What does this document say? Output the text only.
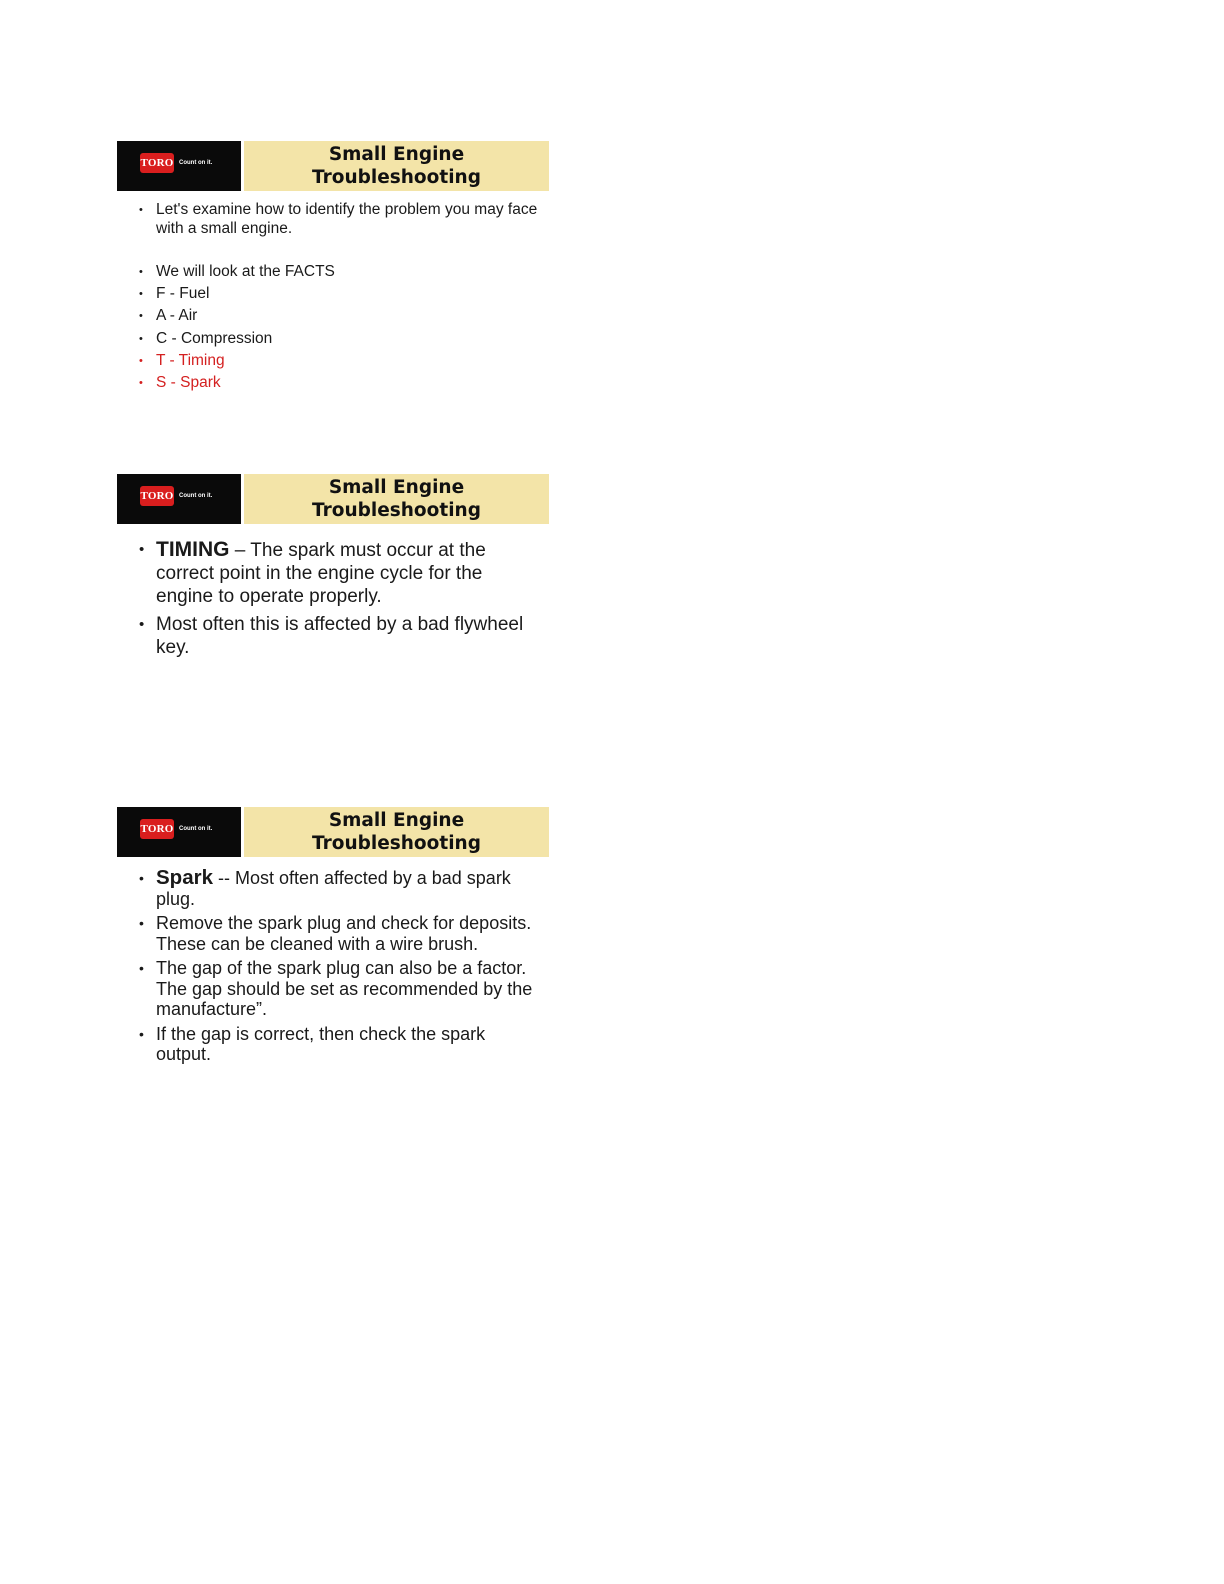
TORO Count on it.	Small Engine
Troubleshooting
• Let's examine how to identify the problem you may face with a small engine.
• We will look at the FACTS
• F - Fuel
• A - Air
• C - Compression
• T - Timing
• S - Spark
TORO Count on it.	Small Engine
Troubleshooting
• TIMING – The spark must occur at the correct point in the engine cycle for the engine to operate properly.
• Most often this is affected by a bad flywheel key.
TORO Count on it.	Small Engine
Troubleshooting
• Spark -- Most often affected by a bad spark plug.
• Remove the spark plug and check for deposits. These can be cleaned with a wire brush.
• The gap of the spark plug can also be a factor. The gap should be set as recommended by the manufacture”.
• If the gap is correct, then check the spark output.
